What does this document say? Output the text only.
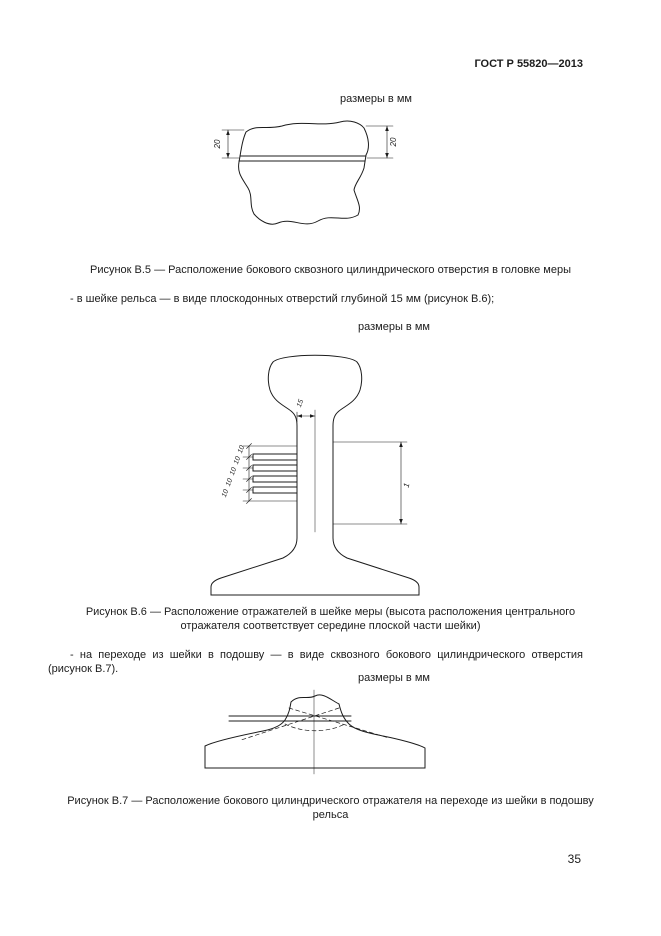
ГОСТ Р 55820—2013
размеры в мм
20	20
Рисунок В.5 — Расположение бокового сквозного цилиндрического отверстия в головке меры
- в шейке рельса — в виде плоскодонных отверстий глубиной 15 мм (рисунок В.6);
размеры в мм
15
10
10
10
10
10
1
Рисунок В.6 — Расположение отражателей в шейке меры (высота расположения центрального
отражателя соответствует середине плоской части шейки)
- на переходе из шейки в подошву — в виде сквозного бокового цилиндрического отверстия
(рисунок В.7).
размеры в мм
Рисунок В.7 — Расположение бокового цилиндрического отражателя на переходе из шейки в подошву
рельса
35
